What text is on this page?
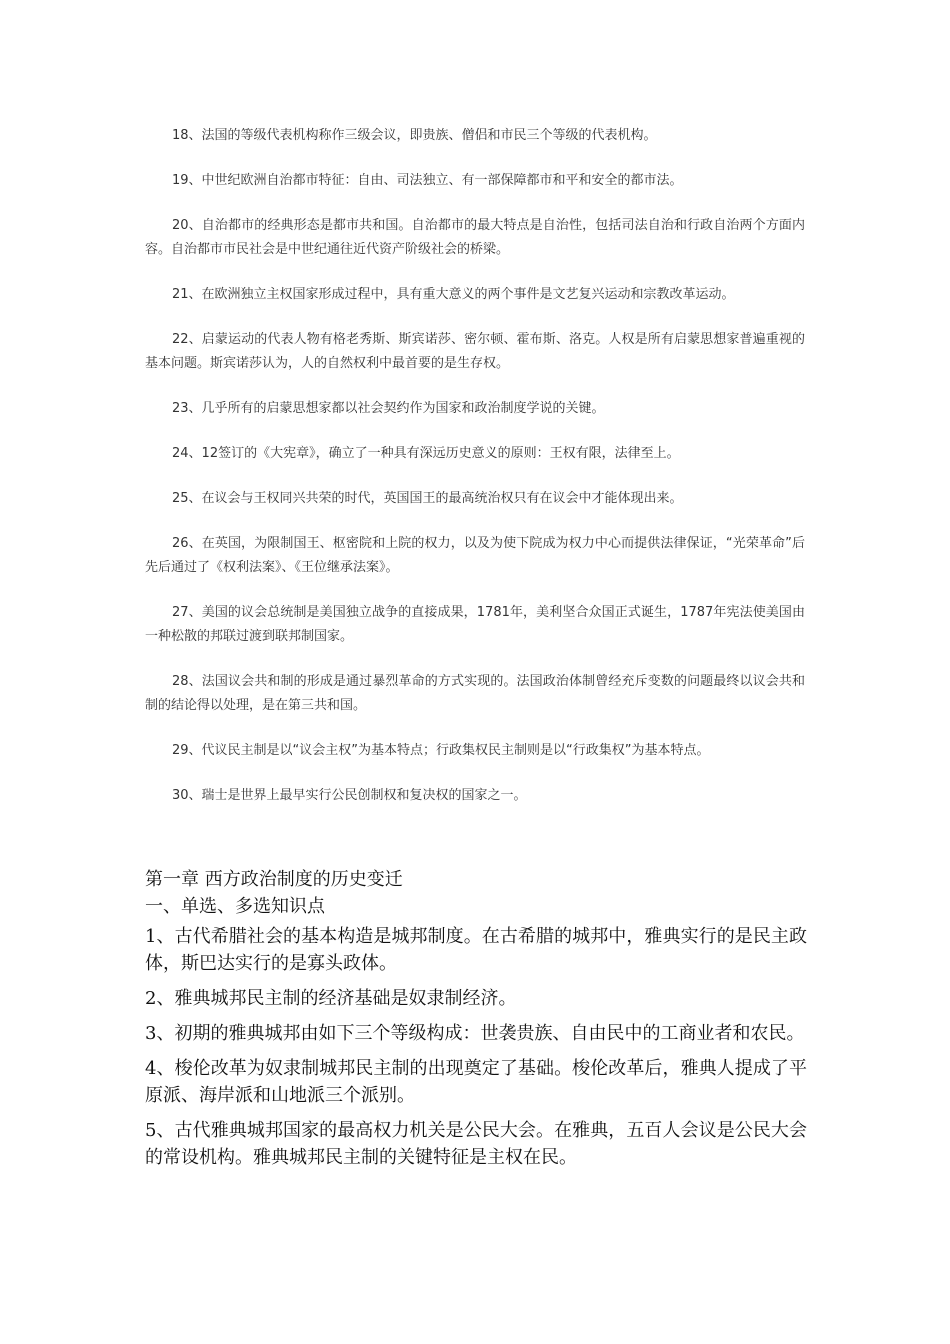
18、法国的等级代表机构称作三级会议，即贵族、僧侣和市民三个等级的代表机构。

19、中世纪欧洲自治都市特征：自由、司法独立、有一部保障都市和平和安全的都市法。

20、自治都市的经典形态是都市共和国。自治都市的最大特点是自治性，包括司法自治和行政自治两个方面内容。自治都市市民社会是中世纪通往近代资产阶级社会的桥梁。

21、在欧洲独立主权国家形成过程中，具有重大意义的两个事件是文艺复兴运动和宗教改革运动。

22、启蒙运动的代表人物有格老秀斯、斯宾诺莎、密尔顿、霍布斯、洛克。人权是所有启蒙思想家普遍重视的基本问题。斯宾诺莎认为，人的自然权利中最首要的是生存权。

23、几乎所有的启蒙思想家都以社会契约作为国家和政治制度学说的关键。

24、12签订的《大宪章》，确立了一种具有深远历史意义的原则：王权有限，法律至上。

25、在议会与王权同兴共荣的时代，英国国王的最高统治权只有在议会中才能体现出来。

26、在英国，为限制国王、枢密院和上院的权力，以及为使下院成为权力中心而提供法律保证，“光荣革命”后先后通过了《权利法案》、《王位继承法案》。

27、美国的议会总统制是美国独立战争的直接成果，1781年，美利坚合众国正式诞生，1787年宪法使美国由一种松散的邦联过渡到联邦制国家。

28、法国议会共和制的形成是通过暴烈革命的方式实现的。法国政治体制曾经充斥变数的问题最终以议会共和制的结论得以处理，是在第三共和国。

29、代议民主制是以“议会主权”为基本特点；行政集权民主制则是以“行政集权”为基本特点。

30、瑞士是世界上最早实行公民创制权和复决权的国家之一。

第一章 西方政治制度的历史变迁
一、单选、多选知识点

1、古代希腊社会的基本构造是城邦制度。在古希腊的城邦中，雅典实行的是民主政体，斯巴达实行的是寡头政体。

2、雅典城邦民主制的经济基础是奴隶制经济。

3、初期的雅典城邦由如下三个等级构成：世袭贵族、自由民中的工商业者和农民。

4、梭伦改革为奴隶制城邦民主制的出现奠定了基础。梭伦改革后，雅典人提成了平原派、海岸派和山地派三个派别。

5、古代雅典城邦国家的最高权力机关是公民大会。在雅典，五百人会议是公民大会的常设机构。雅典城邦民主制的关键特征是主权在民。
